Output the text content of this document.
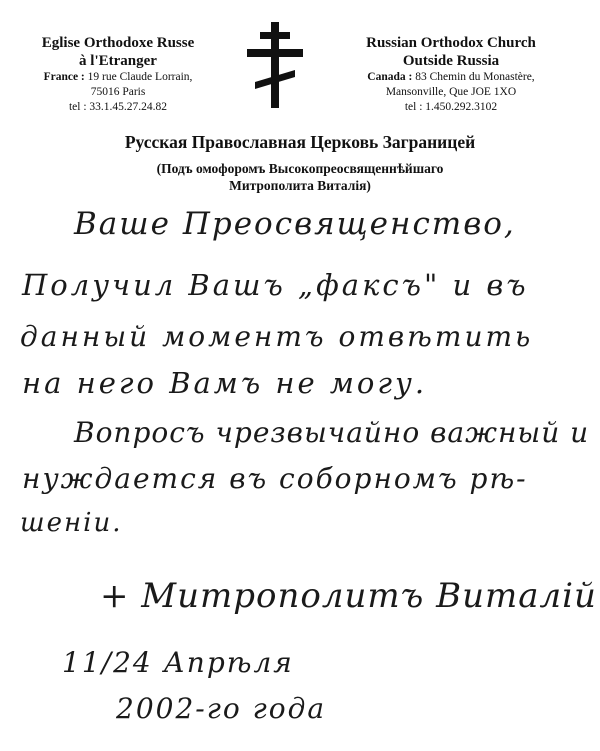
Eglise Orthodoxe Russe
à l'Etranger
France : 19 rue Claude Lorrain,
75016 Paris
tel : 33.1.45.27.24.82
Russian Orthodox Church
Outside Russia
Canada : 83 Chemin du Monastère,
Mansonville, Que JOE 1XO
tel : 1.450.292.3102
Русская Православная Церковь Заграницей
(Подъ омофоромъ Высокопреосвященнѣйшаго
Митрополита Виталія)
Ваше Преосвященство,
Получил Вашъ „факсъ" и въ
данный моментъ отвѣтить
на него Вамъ не могу.
Вопросъ чрезвычайно важный и
нуждается въ соборномъ рѣ-
шеніи.
+ Митрополитъ Виталій
11/24 Апрѣля
2002-го года
